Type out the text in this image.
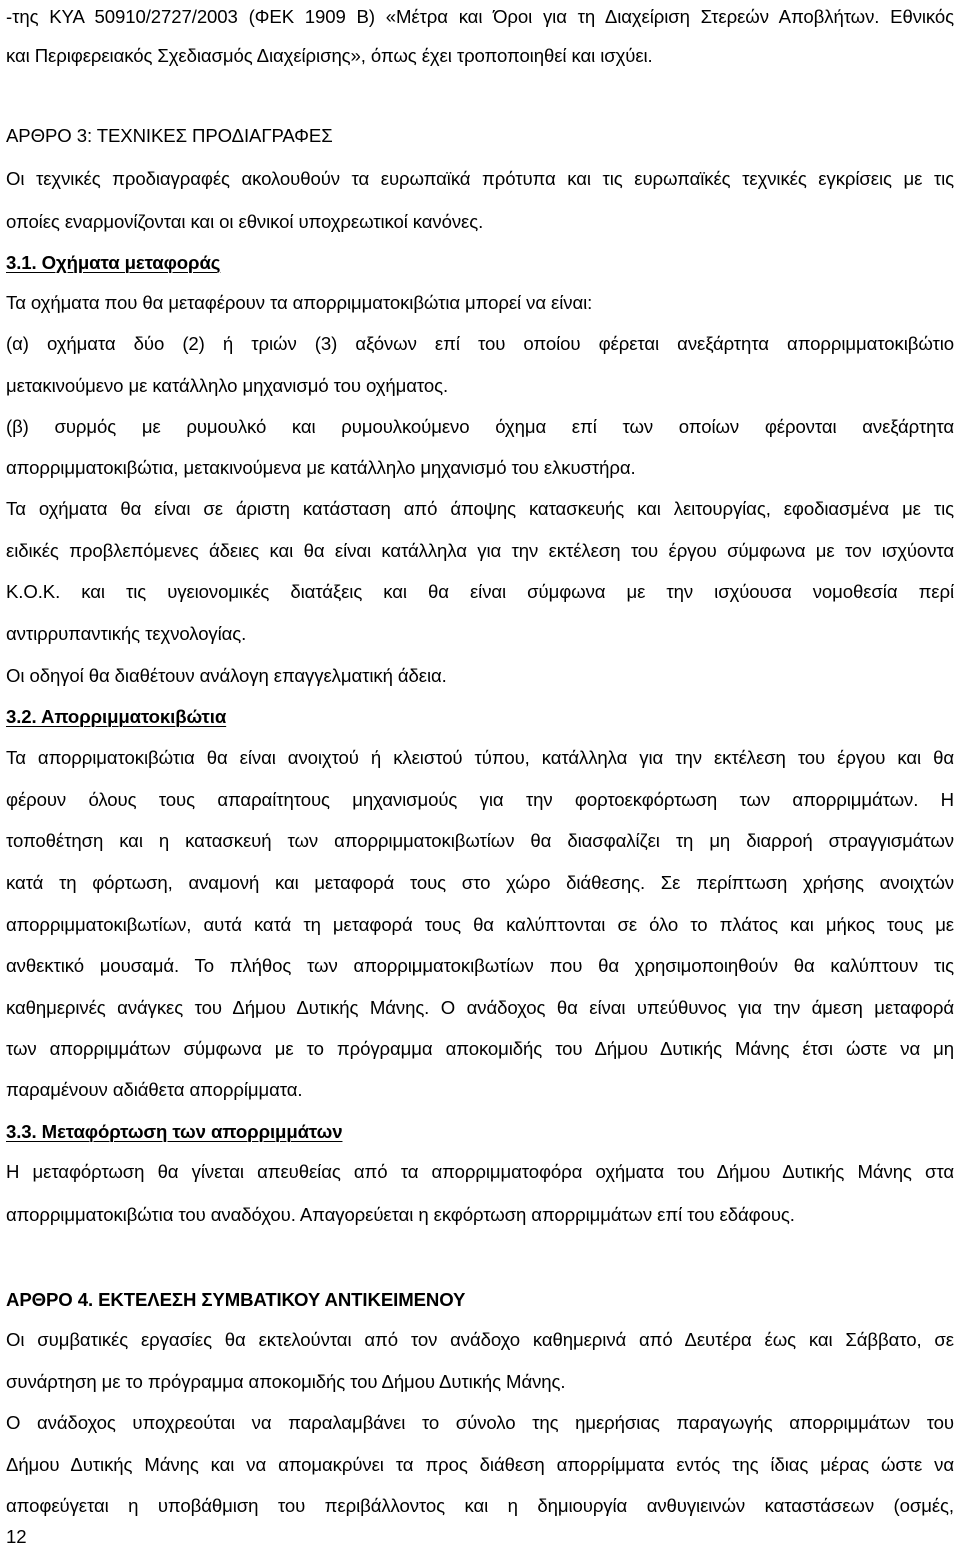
-της ΚΥΑ 50910/2727/2003 (ΦΕΚ 1909 Β) «Μέτρα και Όροι για τη Διαχείριση Στερεών Αποβλήτων. Εθνικός
και Περιφερειακός Σχεδιασμός Διαχείρισης», όπως έχει τροποποιηθεί και ισχύει.
ΑΡΘΡΟ 3: ΤΕΧΝΙΚΕΣ ΠΡΟΔΙΑΓΡΑΦΕΣ
Οι τεχνικές προδιαγραφές ακολουθούν τα ευρωπαϊκά πρότυπα και τις ευρωπαϊκές τεχνικές εγκρίσεις με τις
οποίες εναρμονίζονται και οι εθνικοί υποχρεωτικοί κανόνες.
3.1. Οχήματα μεταφοράς
Τα οχήματα που θα μεταφέρουν τα απορριμματοκιβώτια μπορεί να είναι:
(α) οχήματα δύο (2) ή τριών (3) αξόνων επί του οποίου φέρεται ανεξάρτητα απορριμματοκιβώτιο
μετακινούμενο με κατάλληλο μηχανισμό του οχήματος.
(β) συρμός με ρυμουλκό και ρυμουλκούμενο όχημα επί των οποίων φέρονται ανεξάρτητα
απορριμματοκιβώτια, μετακινούμενα με κατάλληλο μηχανισμό του ελκυστήρα.
Τα οχήματα θα είναι σε άριστη κατάσταση από άποψης κατασκευής και λειτουργίας, εφοδιασμένα με τις
ειδικές προβλεπόμενες άδειες και θα είναι κατάλληλα για την εκτέλεση του έργου σύμφωνα με τον ισχύοντα
Κ.Ο.Κ. και τις υγειονομικές διατάξεις και θα είναι σύμφωνα με την ισχύουσα νομοθεσία περί
αντιρρυπαντικής τεχνολογίας.
Οι οδηγοί θα διαθέτουν ανάλογη επαγγελματική άδεια.
3.2. Απορριμματοκιβώτια
Τα απορριματοκιβώτια θα είναι ανοιχτού ή κλειστού τύπου, κατάλληλα για την εκτέλεση του έργου και θα
φέρουν όλους τους απαραίτητους μηχανισμούς για την φορτοεκφόρτωση των απορριμμάτων. Η
τοποθέτηση και η κατασκευή των απορριμματοκιβωτίων θα διασφαλίζει τη μη διαρροή στραγγισμάτων
κατά τη φόρτωση, αναμονή και μεταφορά τους στο χώρο διάθεσης. Σε περίπτωση χρήσης ανοιχτών
απορριμματοκιβωτίων, αυτά κατά τη μεταφορά τους θα καλύπτονται σε όλο το πλάτος και μήκος τους με
ανθεκτικό μουσαμά. Το πλήθος των απορριμματοκιβωτίων που θα χρησιμοποιηθούν θα καλύπτουν τις
καθημερινές ανάγκες του Δήμου Δυτικής Μάνης. Ο ανάδοχος θα είναι υπεύθυνος για την άμεση μεταφορά
των απορριμμάτων σύμφωνα με το πρόγραμμα αποκομιδής του Δήμου Δυτικής Μάνης έτσι ώστε να μη
παραμένουν αδιάθετα απορρίμματα.
3.3. Μεταφόρτωση των απορριμμάτων
Η μεταφόρτωση θα γίνεται απευθείας από τα απορριμματοφόρα οχήματα του Δήμου Δυτικής Μάνης στα
απορριμματοκιβώτια του αναδόχου. Απαγορεύεται η εκφόρτωση απορριμμάτων επί του εδάφους.
ΑΡΘΡΟ 4. ΕΚΤΕΛΕΣΗ ΣΥΜΒΑΤΙΚΟΥ ΑΝΤΙΚΕΙΜΕΝΟΥ
Οι συμβατικές εργασίες θα εκτελούνται από τον ανάδοχο καθημερινά από Δευτέρα έως και Σάββατο, σε
συνάρτηση με το πρόγραμμα αποκομιδής του Δήμου Δυτικής Μάνης.
Ο ανάδοχος υποχρεούται να παραλαμβάνει το σύνολο της ημερήσιας παραγωγής απορριμμάτων του
Δήμου Δυτικής Μάνης και να απομακρύνει τα προς διάθεση απορρίμματα εντός της ίδιας μέρας ώστε να
αποφεύγεται η υποβάθμιση του περιβάλλοντος και η δημιουργία ανθυγιεινών καταστάσεων (οσμές,
12
